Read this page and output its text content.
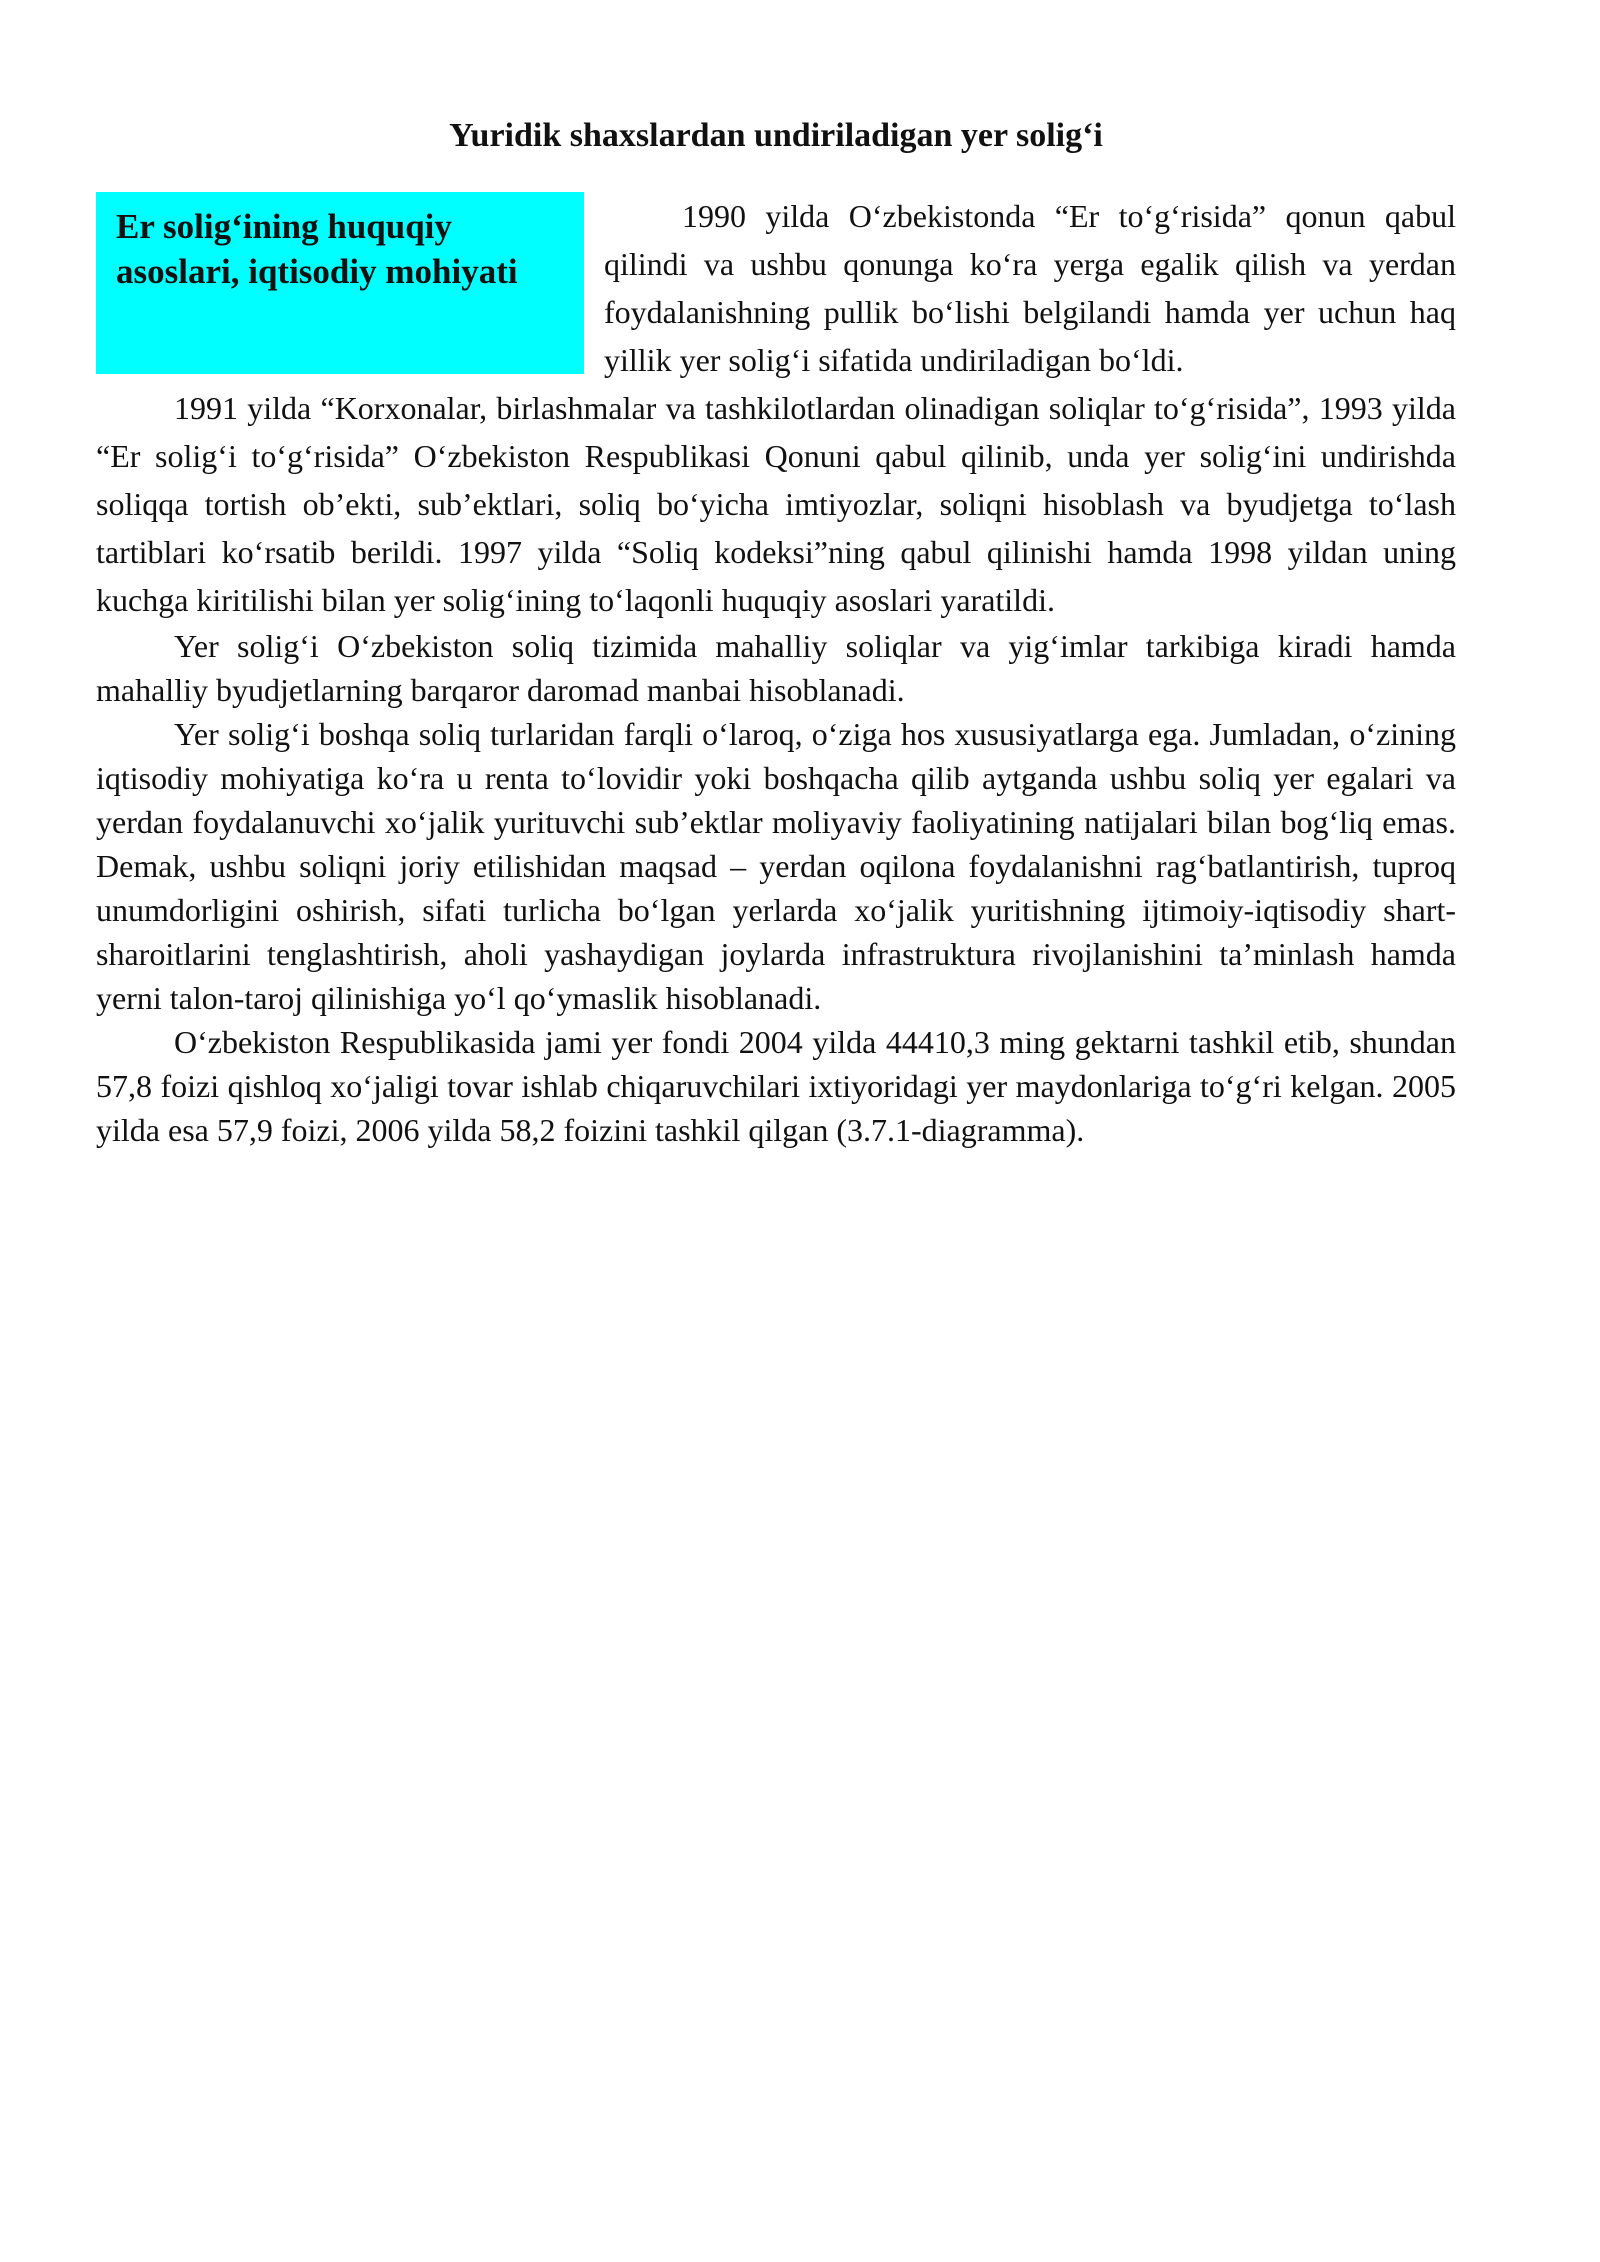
Yuridik shaxslardan undiriladigan yer solig‘i

Er solig‘ining huquqiy asoslari, iqtisodiy mohiyati

1990 yilda O‘zbekistonda “Er to‘g‘risida” qonun qabul qilindi va ushbu qonunga ko‘ra yerga egalik qilish va yerdan foydalanishning pullik bo‘lishi belgilandi hamda yer uchun haq yillik yer solig‘i sifatida undiriladigan bo‘ldi.

1991 yilda “Korxonalar, birlashmalar va tashkilotlardan olinadigan soliqlar to‘g‘risida”, 1993 yilda “Er solig‘i to‘g‘risida” O‘zbekiston Respublikasi Qonuni qabul qilinib, unda yer solig‘ini undirishda soliqqa tortish ob’ekti, sub’ektlari, soliq bo‘yicha imtiyozlar, soliqni hisoblash va byudjetga to‘lash tartiblari ko‘rsatib berildi. 1997 yilda “Soliq kodeksi”ning qabul qilinishi hamda 1998 yildan uning kuchga kiritilishi bilan yer solig‘ining to‘laqonli huquqiy asoslari yaratildi.

Yer solig‘i O‘zbekiston soliq tizimida mahalliy soliqlar va yig‘imlar tarkibiga kiradi hamda mahalliy byudjetlarning barqaror daromad manbai hisoblanadi.

Yer solig‘i boshqa soliq turlaridan farqli o‘laroq, o‘ziga hos xususiyatlarga ega. Jumladan, o‘zining iqtisodiy mohiyatiga ko‘ra u renta to‘lovidir yoki boshqacha qilib aytganda ushbu soliq yer egalari va yerdan foydalanuvchi xo‘jalik yurituvchi sub’ektlar moliyaviy faoliyatining natijalari bilan bog‘liq emas. Demak, ushbu soliqni joriy etilishidan maqsad – yerdan oqilona foydalanishni rag‘batlantirish, tuproq unumdorligini oshirish, sifati turlicha bo‘lgan yerlarda xo‘jalik yuritishning ijtimoiy-iqtisodiy shart-sharoitlarini tenglashtirish, aholi yashaydigan joylarda infrastruktura rivojlanishini ta’minlash hamda yerni talon-taroj qilinishiga yo‘l qo‘ymaslik hisoblanadi.

O‘zbekiston Respublikasida jami yer fondi 2004 yilda 44410,3 ming gektarni tashkil etib, shundan 57,8 foizi qishloq xo‘jaligi tovar ishlab chiqaruvchilari ixtiyoridagi yer maydonlariga to‘g‘ri kelgan. 2005 yilda esa 57,9 foizi, 2006 yilda 58,2 foizini tashkil qilgan (3.7.1-diagramma).
